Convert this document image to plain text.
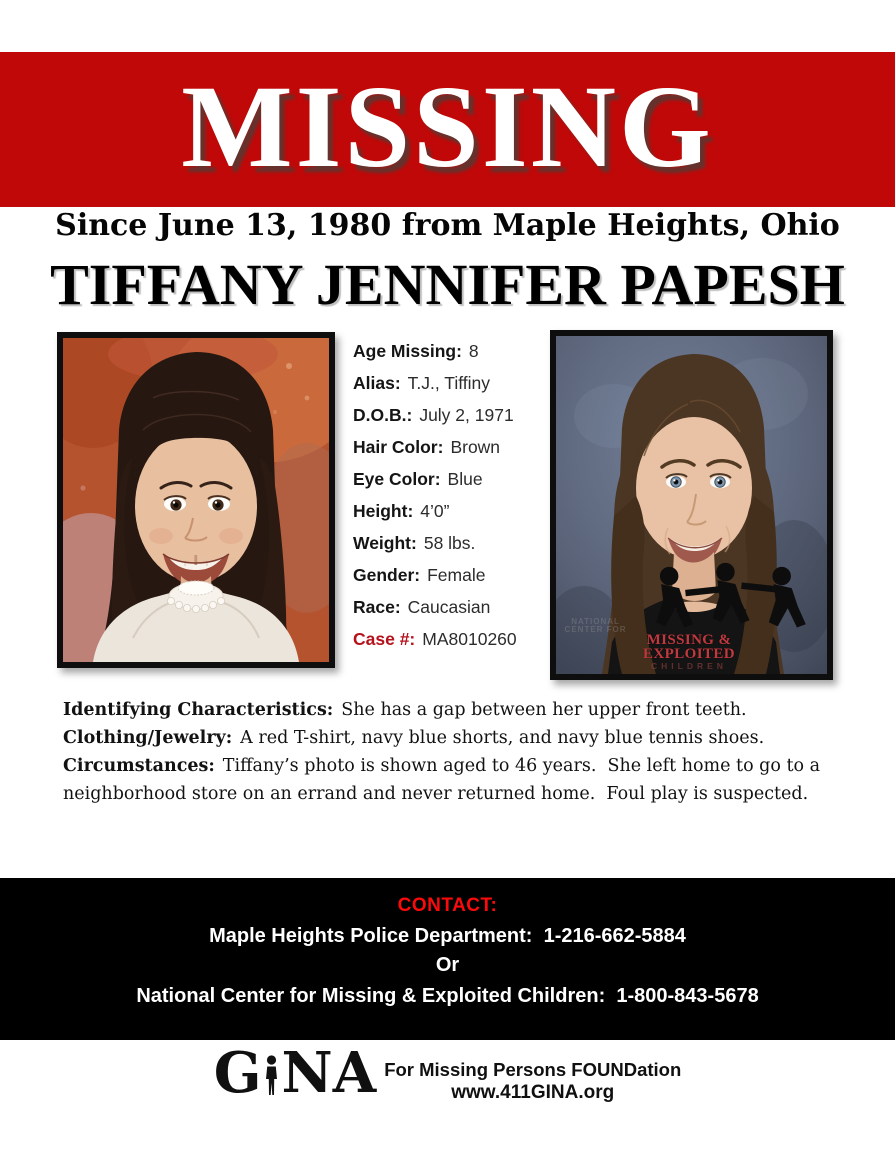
MISSING
Since June 13, 1980 from Maple Heights, Ohio
TIFFANY JENNIFER PAPESH
Age Missing: 8
Alias: T.J., Tiffiny
D.O.B.: July 2, 1971
Hair Color: Brown
Eye Color: Blue
Height: 4’0”
Weight: 58 lbs.
Gender: Female
Race: Caucasian
Case #: MA8010260
NATIONAL CENTER FOR
MISSING &
EXPLOITED
CHILDREN

Identifying Characteristics: She has a gap between her upper front teeth.

Clothing/Jewelry: A red T-shirt, navy blue shorts, and navy blue tennis shoes.

Circumstances: Tiffany’s photo is shown aged to 46 years.  She left home to go to a neighborhood store on an errand and never returned home.  Foul play is suspected.

CONTACT:
Maple Heights Police Department:  1-216-662-5884
Or
National Center for Missing & Exploited Children:  1-800-843-5678
G NA For Missing Persons FOUNDation
www.411GINA.org
